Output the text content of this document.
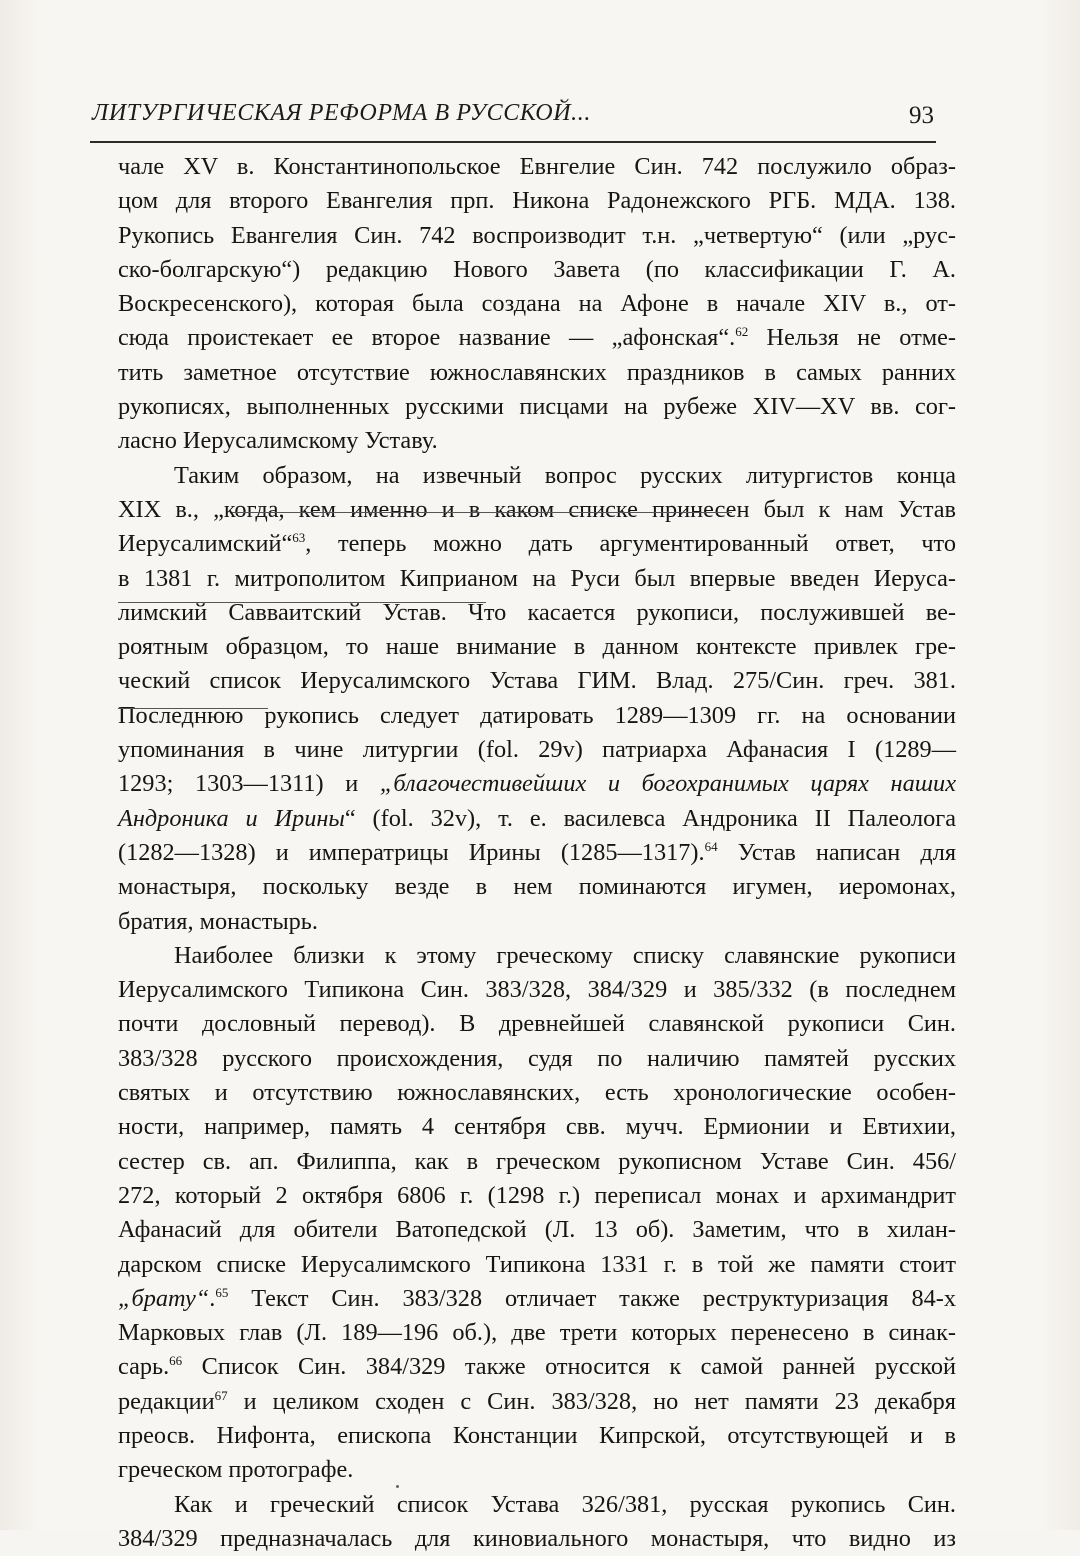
ЛИТУРГИЧЕСКАЯ РЕФОРМА В РУССКОЙ...	93
чале XV в. Константинопольское Евнгелие Син. 742 послужило образ-
цом для второго Евангелия прп. Никона Радонежского РГБ. МДА. 138.
Рукопись Евангелия Син. 742 воспроизводит т.н. „четвертую“ (или „рус-
ско-болгарскую“) редакцию Нового Завета (по классификации Г. А.
Воскресенского), которая была создана на Афоне в начале XIV в., от-
сюда проистекает ее второе название — „афонская“.$^{62}$ Нельзя не отме-
тить заметное отсутствие южнославянских праздников в самых ранних
рукописях, выполненных русскими писцами на рубеже XIV—XV вв. сог-
ласно Иерусалимскому Уставу.
Таким образом, на извечный вопрос русских литургистов конца
XIX в., „когда, кем именно и в каком списке принесен был к нам Устав
Иерусалимский“$^{63}$, теперь можно дать аргументированный ответ, что
в 1381 г. митрополитом Киприаном на Руси был впервые введен Иеруса-
лимский Савваитский Устав. Что касается рукописи, послужившей ве-
роятным образцом, то наше внимание в данном контексте привлек гре-
ческий список Иерусалимского Устава ГИМ. Влад. 275/Син. греч. 381.
Последнюю рукопись следует датировать 1289—1309 гг. на основании
упоминания в чине литургии (fol. 29v) патриарха Афанасия I (1289—
1293; 1303—1311) и „благочестивейших и богохранимых царях наших
Андроника и Ирины“ (fol. 32v), т. е. василевса Андроника II Палеолога
(1282—1328) и императрицы Ирины (1285—1317).$^{64}$ Устав написан для
монастыря, поскольку везде в нем поминаются игумен, иеромонах,
братия, монастырь.
Наиболее близки к этому греческому списку славянские рукописи
Иерусалимского Типикона Син. 383/328, 384/329 и 385/332 (в последнем
почти дословный перевод). В древнейшей славянской рукописи Син.
383/328 русского происхождения, судя по наличию памятей русских
святых и отсутствию южнославянских, есть хронологические особен-
ности, например, память 4 сентября свв. мучч. Ермионии и Евтихии,
сестер св. ап. Филиппа, как в греческом рукописном Уставе Син. 456/
272, который 2 октября 6806 г. (1298 г.) переписал монах и архимандрит
Афанасий для обители Ватопедской (Л. 13 об). Заметим, что в хилан-
дарском списке Иерусалимского Типикона 1331 г. в той же памяти стоит
„брату“.$^{65}$ Текст Син. 383/328 отличает также реструктуризация 84-х
Марковых глав (Л. 189—196 об.), две трети которых перенесено в синак-
сарь.$^{66}$ Список Син. 384/329 также относится к самой ранней русской
редакции$^{67}$ и целиком сходен с Син. 383/328, но нет памяти 23 декабря
преосв. Нифонта, епископа Констанции Кипрской, отсутствующей и в
греческом протографе.
Как и греческий список Устава 326/381, русская рукопись Син.
384/329 предназначалась для киновиального монастыря, что видно из
